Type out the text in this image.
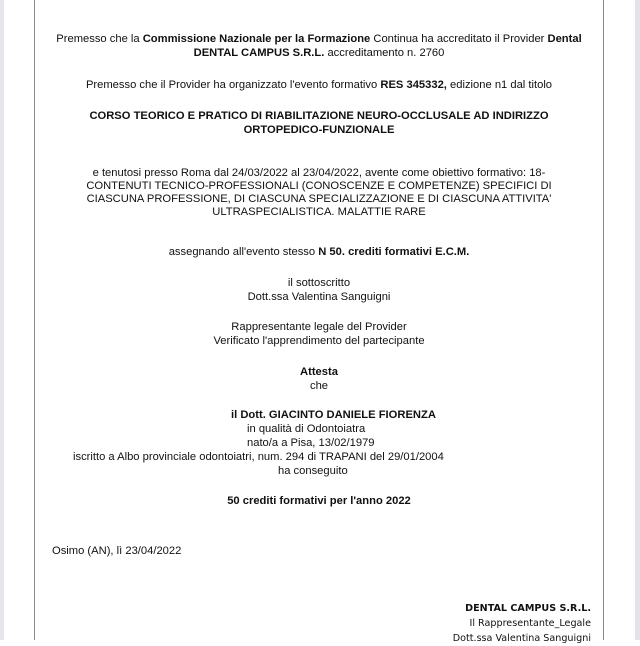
Premesso che la Commissione Nazionale per la Formazione Continua ha accreditato il Provider Dental
DENTAL CAMPUS S.R.L. accreditamento n. 2760
Premesso che il Provider ha organizzato l'evento formativo RES 345332, edizione n1 dal titolo
CORSO TEORICO E PRATICO DI RIABILITAZIONE NEURO-OCCLUSALE AD INDIRIZZO
ORTOPEDICO-FUNZIONALE
e tenutosi presso Roma dal 24/03/2022 al 23/04/2022, avente come obiettivo formativo: 18-
CONTENUTI TECNICO-PROFESSIONALI (CONOSCENZE E COMPETENZE) SPECIFICI DI
CIASCUNA PROFESSIONE, DI CIASCUNA SPECIALIZZAZIONE E DI CIASCUNA ATTIVITA'
ULTRASPECIALISTICA. MALATTIE RARE
assegnando all'evento stesso N 50. crediti formativi E.C.M.
il sottoscritto
Dott.ssa Valentina Sanguigni
Rappresentante legale del Provider
Verificato l'apprendimento del partecipante
Attesta
che
il Dott. GIACINTO DANIELE FIORENZA
in qualità di Odontoiatra
nato/a a Pisa, 13/02/1979
iscritto a Albo provinciale odontoiatri, num. 294 di TRAPANI del 29/01/2004
ha conseguito
50 crediti formativi per l'anno 2022
Osimo (AN), lì 23/04/2022
DENTAL CAMPUS S.R.L.
Il Rappresentante_Legale
Dott.ssa Valentina Sanguigni
